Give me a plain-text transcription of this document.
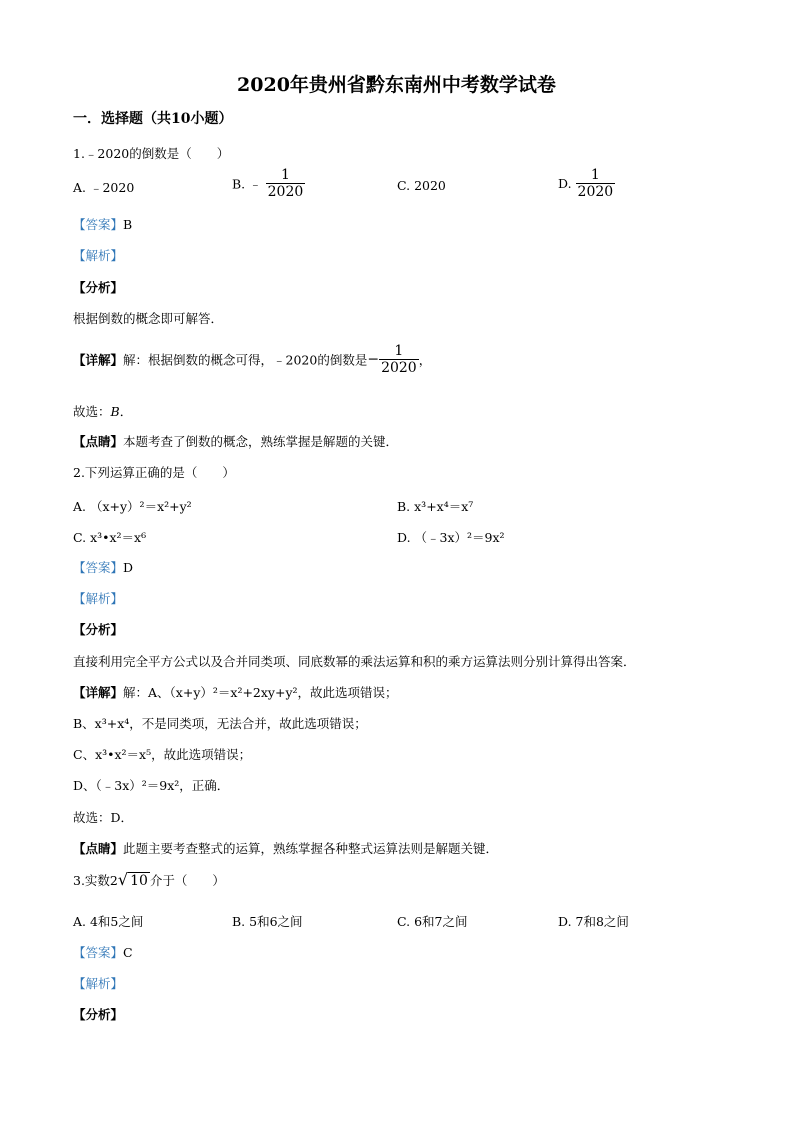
2020年贵州省黔东南州中考数学试卷
一．选择题（共10小题）
1.﹣2020的倒数是（　　）
A. ﹣2020	B. ﹣ $\frac{1}{2020}$	C. 2020	D. $\frac{1}{2020}$
【答案】B
【解析】
【分析】
根据倒数的概念即可解答．
【详解】解：根据倒数的概念可得，﹣2020的倒数是− $\frac{1}{2020}$ ，
故选：B．
【点睛】本题考查了倒数的概念，熟练掌握是解题的关键．
2.下列运算正确的是（　　）
A. （x+y）²＝x²+y²	B. x³+x⁴＝x⁷
C. x³•x²＝x⁶	D. （﹣3x）²＝9x²
【答案】D
【解析】
【分析】
直接利用完全平方公式以及合并同类项、同底数幂的乘法运算和积的乘方运算法则分别计算得出答案．
【详解】解：A、（x+y）²＝x²+2xy+y²，故此选项错误；
B、x³+x⁴，不是同类项，无法合并，故此选项错误；
C、x³•x²＝x⁵，故此选项错误；
D、（﹣3x）²＝9x²，正确．
故选：D．
【点睛】此题主要考查整式的运算，熟练掌握各种整式运算法则是解题关键．
3.实数2√ 10 介于（　　）
A. 4和5之间	B. 5和6之间	C. 6和7之间	D. 7和8之间
【答案】C
【解析】
【分析】
